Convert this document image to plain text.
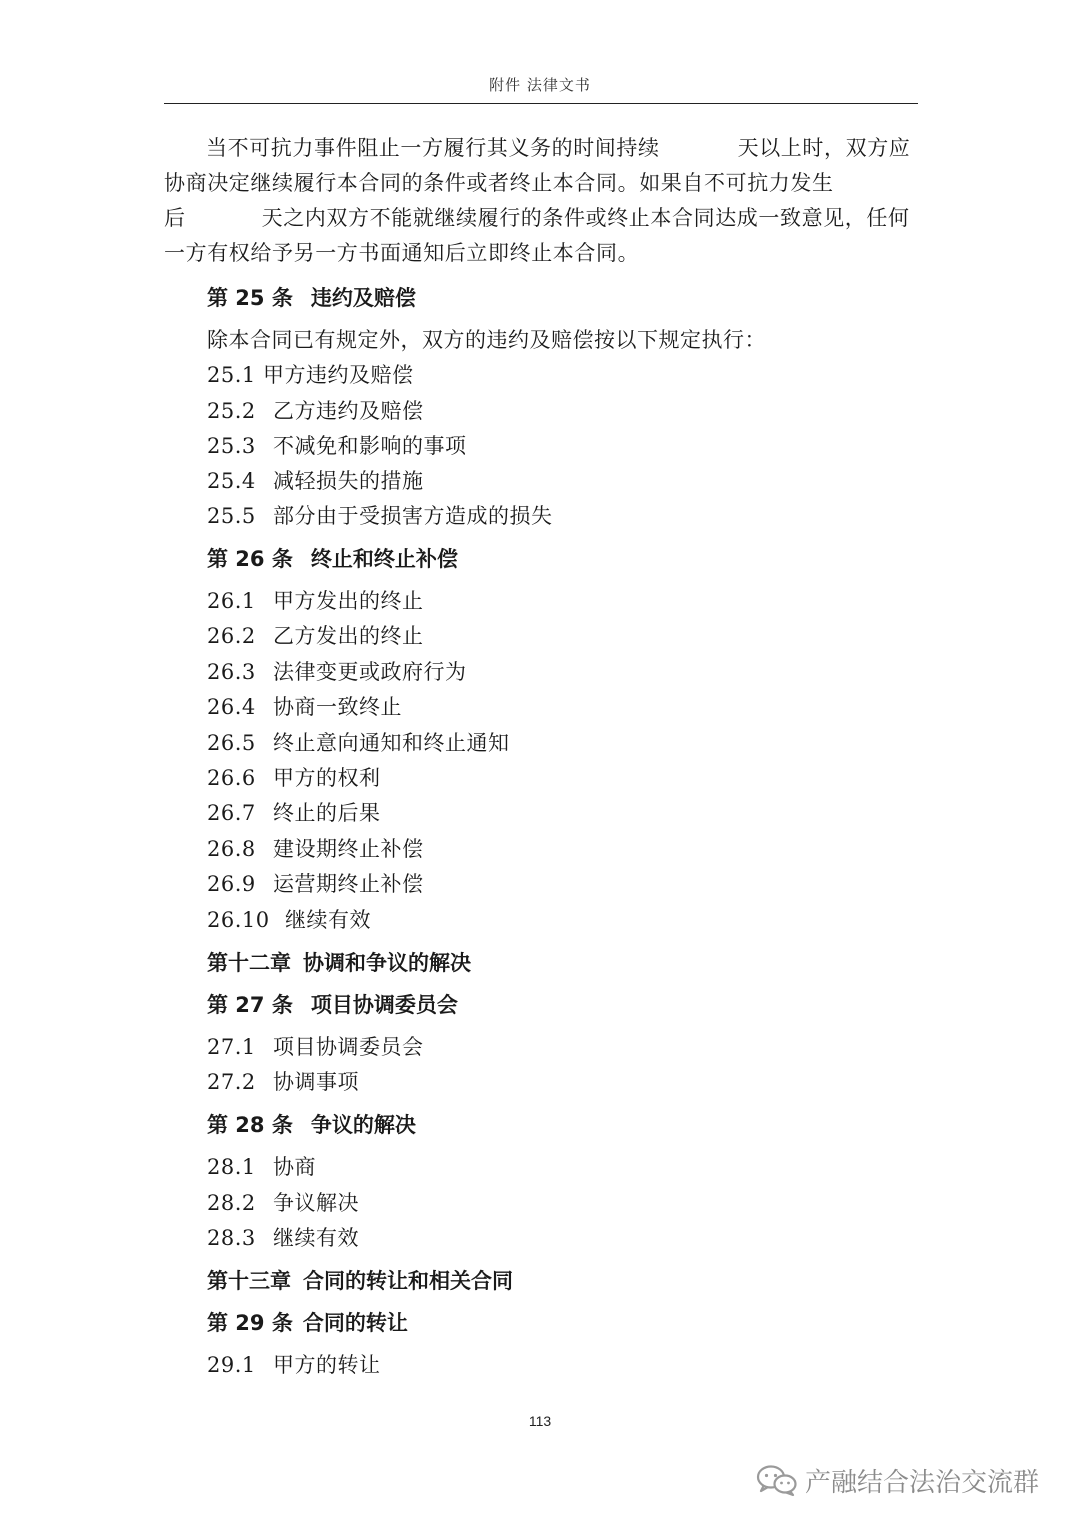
附件 法律文书
当不可抗力事件阻止一方履行其义务的时间持续	天以上时，双方应
协商决定继续履行本合同的条件或者终止本合同。如果自不可抗力发生
后	天之内双方不能就继续履行的条件或终止本合同达成一致意见，任何
一方有权给予另一方书面通知后立即终止本合同。
第 25 条 违约及赔偿
除本合同已有规定外，双方的违约及赔偿按以下规定执行：
25.1 甲方违约及赔偿
25.2 乙方违约及赔偿
25.3 不减免和影响的事项
25.4 减轻损失的措施
25.5 部分由于受损害方造成的损失
第 26 条 终止和终止补偿
26.1 甲方发出的终止
26.2 乙方发出的终止
26.3 法律变更或政府行为
26.4 协商一致终止
26.5 终止意向通知和终止通知
26.6 甲方的权利
26.7 终止的后果
26.8 建设期终止补偿
26.9 运营期终止补偿
26.10 继续有效
第十二章 协调和争议的解决
第 27 条 项目协调委员会
27.1 项目协调委员会
27.2 协调事项
第 28 条 争议的解决
28.1 协商
28.2 争议解决
28.3 继续有效
第十三章 合同的转让和相关合同
第 29 条 合同的转让
29.1 甲方的转让
113
产融结合法治交流群
